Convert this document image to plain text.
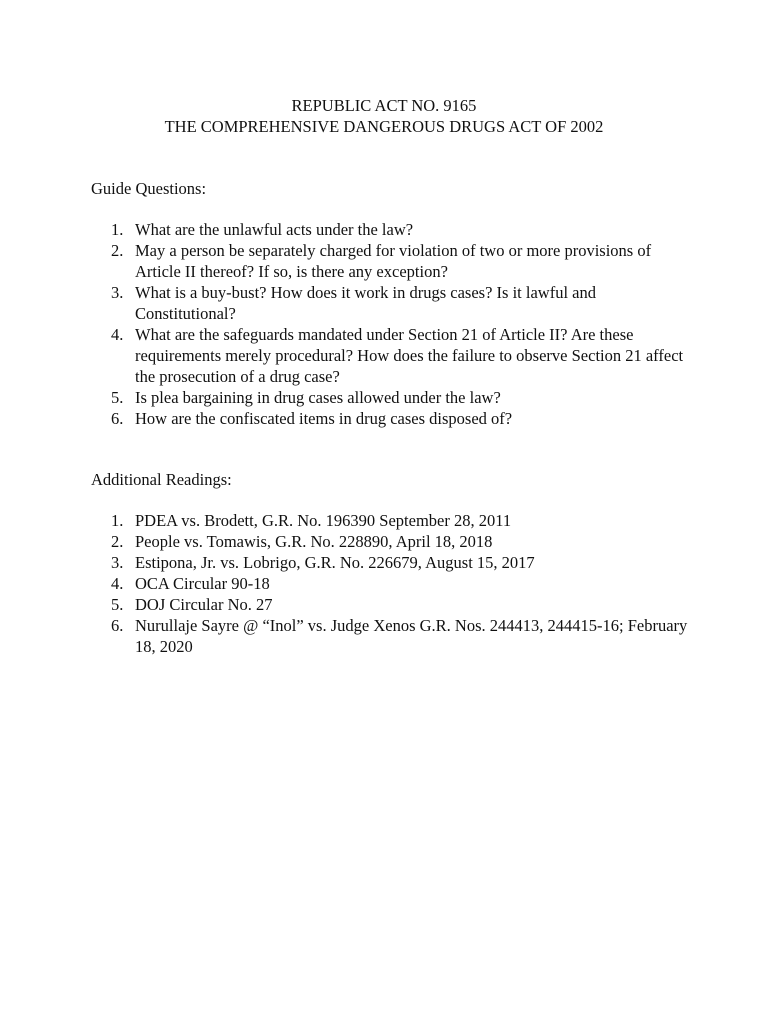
REPUBLIC ACT NO. 9165
THE COMPREHENSIVE DANGEROUS DRUGS ACT OF 2002
Guide Questions:
1. What are the unlawful acts under the law?
2. May a person be separately charged for violation of two or more provisions of Article II thereof? If so, is there any exception?
3. What is a buy-bust? How does it work in drugs cases? Is it lawful and Constitutional?
4. What are the safeguards mandated under Section 21 of Article II? Are these requirements merely procedural? How does the failure to observe Section 21 affect the prosecution of a drug case?
5. Is plea bargaining in drug cases allowed under the law?
6. How are the confiscated items in drug cases disposed of?
Additional Readings:
1. PDEA vs. Brodett, G.R. No. 196390 September 28, 2011
2. People vs. Tomawis, G.R. No. 228890, April 18, 2018
3. Estipona, Jr. vs. Lobrigo, G.R. No. 226679, August 15, 2017
4. OCA Circular 90-18
5. DOJ Circular No. 27
6. Nurullaje Sayre @ “Inol” vs. Judge Xenos G.R. Nos. 244413, 244415-16; February 18, 2020
